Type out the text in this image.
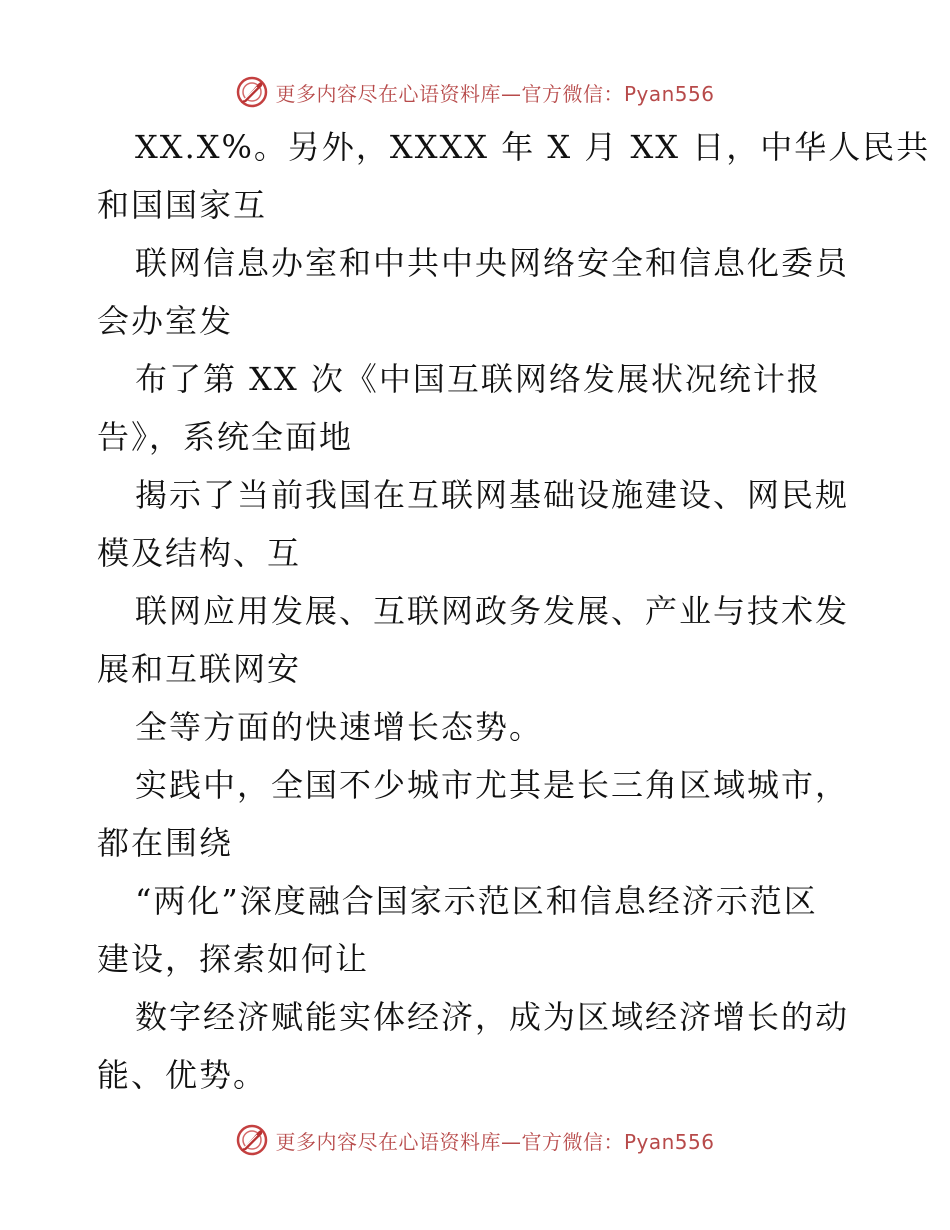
更多内容尽在心语资料库—官方微信：Pyan556
XX.X%。另外，XXXX 年 X 月 XX 日，中华人民共
和国国家互
联网信息办室和中共中央网络安全和信息化委员
会办室发
布了第 XX 次《中国互联网络发展状况统计报
告》，系统全面地
揭示了当前我国在互联网基础设施建设、网民规
模及结构、互
联网应用发展、互联网政务发展、产业与技术发
展和互联网安
全等方面的快速增长态势。
实践中，全国不少城市尤其是长三角区域城市，
都在围绕
“两化”深度融合国家示范区和信息经济示范区
建设，探索如何让
数字经济赋能实体经济，成为区域经济增长的动
能、优势。
更多内容尽在心语资料库—官方微信：Pyan556
